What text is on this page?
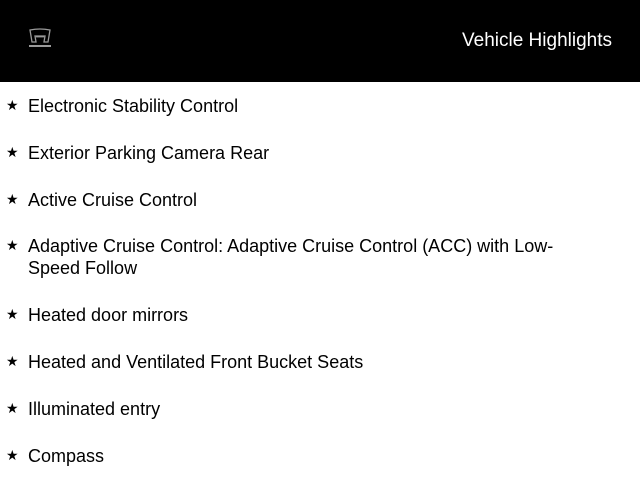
Vehicle Highlights
★ Electronic Stability Control
★ Exterior Parking Camera Rear
★ Active Cruise Control
★ Adaptive Cruise Control: Adaptive Cruise Control (ACC) with Low-Speed Follow
★ Heated door mirrors
★ Heated and Ventilated Front Bucket Seats
★ Illuminated entry
★ Compass
